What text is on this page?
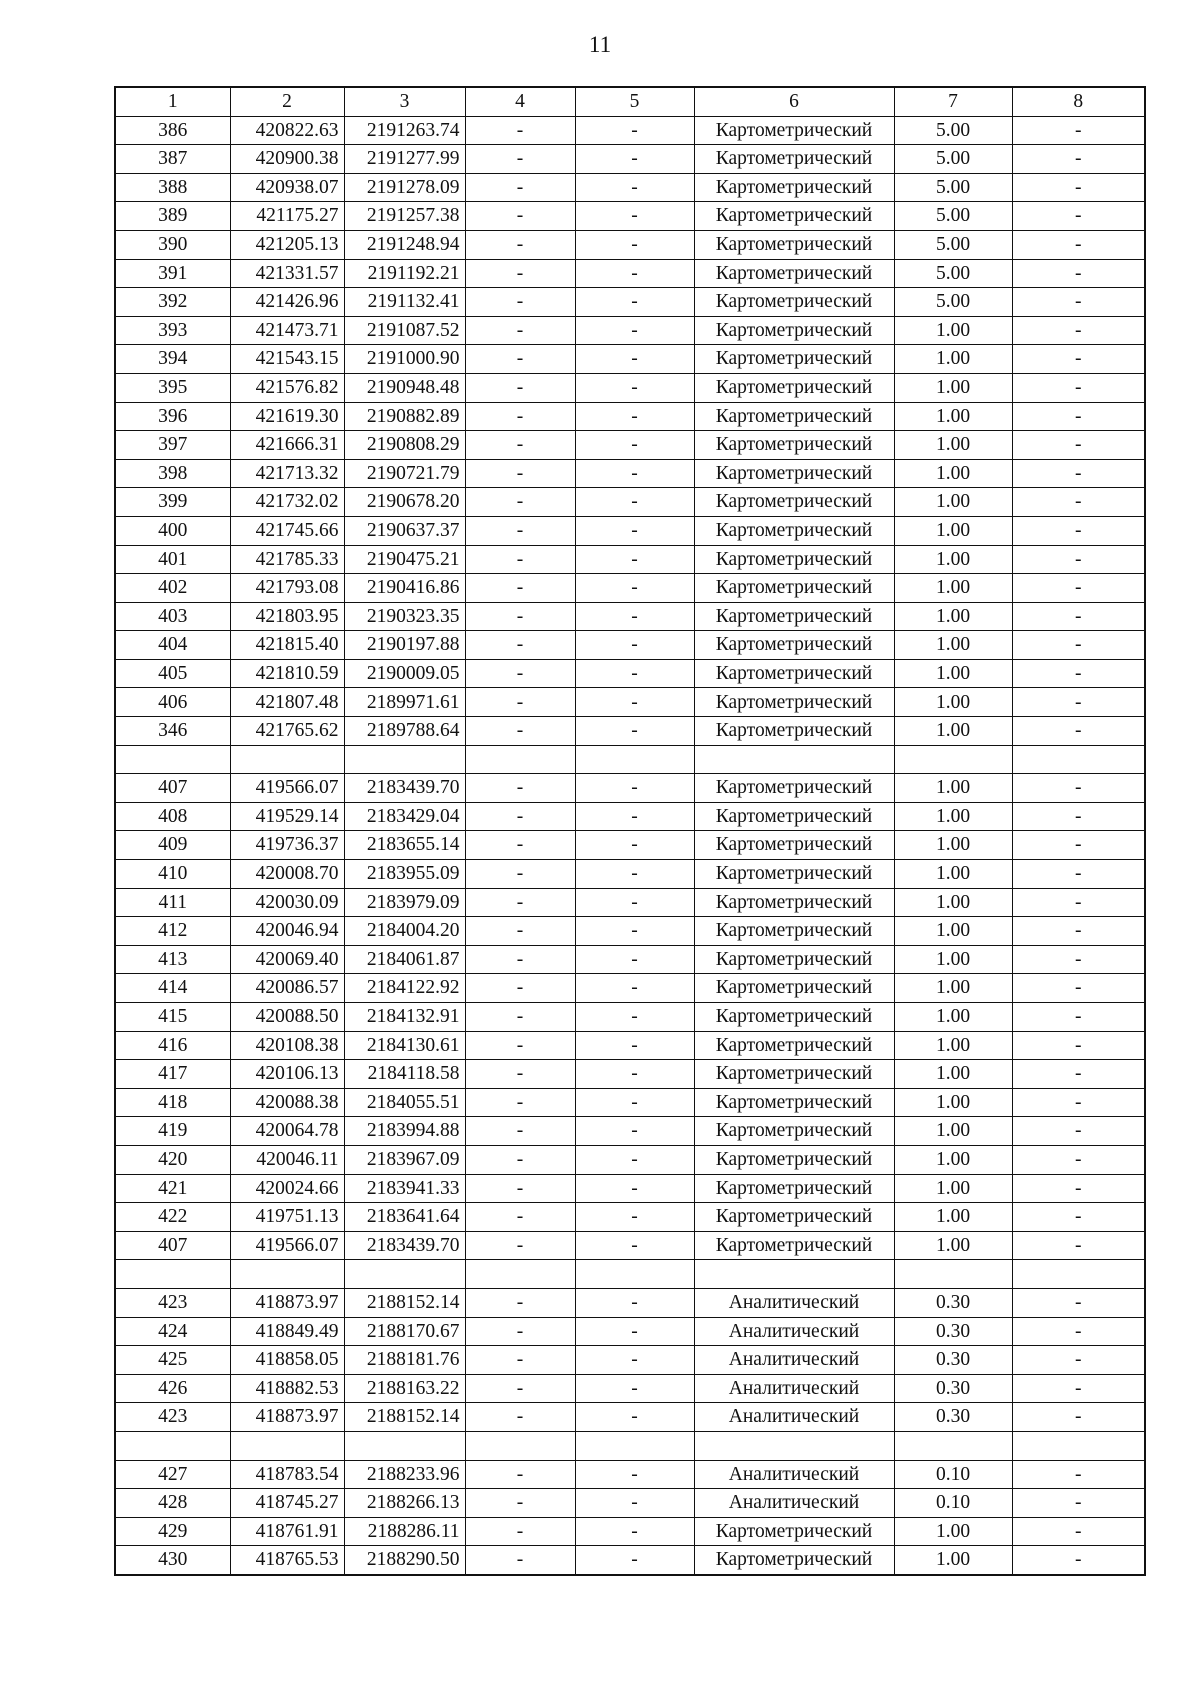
11
1	2	3	4	5	6	7	8
386	420822.63	2191263.74	-	-	Картометрический	5.00	-
387	420900.38	2191277.99	-	-	Картометрический	5.00	-
388	420938.07	2191278.09	-	-	Картометрический	5.00	-
389	421175.27	2191257.38	-	-	Картометрический	5.00	-
390	421205.13	2191248.94	-	-	Картометрический	5.00	-
391	421331.57	2191192.21	-	-	Картометрический	5.00	-
392	421426.96	2191132.41	-	-	Картометрический	5.00	-
393	421473.71	2191087.52	-	-	Картометрический	1.00	-
394	421543.15	2191000.90	-	-	Картометрический	1.00	-
395	421576.82	2190948.48	-	-	Картометрический	1.00	-
396	421619.30	2190882.89	-	-	Картометрический	1.00	-
397	421666.31	2190808.29	-	-	Картометрический	1.00	-
398	421713.32	2190721.79	-	-	Картометрический	1.00	-
399	421732.02	2190678.20	-	-	Картометрический	1.00	-
400	421745.66	2190637.37	-	-	Картометрический	1.00	-
401	421785.33	2190475.21	-	-	Картометрический	1.00	-
402	421793.08	2190416.86	-	-	Картометрический	1.00	-
403	421803.95	2190323.35	-	-	Картометрический	1.00	-
404	421815.40	2190197.88	-	-	Картометрический	1.00	-
405	421810.59	2190009.05	-	-	Картометрический	1.00	-
406	421807.48	2189971.61	-	-	Картометрический	1.00	-
346	421765.62	2189788.64	-	-	Картометрический	1.00	-

407	419566.07	2183439.70	-	-	Картометрический	1.00	-
408	419529.14	2183429.04	-	-	Картометрический	1.00	-
409	419736.37	2183655.14	-	-	Картометрический	1.00	-
410	420008.70	2183955.09	-	-	Картометрический	1.00	-
411	420030.09	2183979.09	-	-	Картометрический	1.00	-
412	420046.94	2184004.20	-	-	Картометрический	1.00	-
413	420069.40	2184061.87	-	-	Картометрический	1.00	-
414	420086.57	2184122.92	-	-	Картометрический	1.00	-
415	420088.50	2184132.91	-	-	Картометрический	1.00	-
416	420108.38	2184130.61	-	-	Картометрический	1.00	-
417	420106.13	2184118.58	-	-	Картометрический	1.00	-
418	420088.38	2184055.51	-	-	Картометрический	1.00	-
419	420064.78	2183994.88	-	-	Картометрический	1.00	-
420	420046.11	2183967.09	-	-	Картометрический	1.00	-
421	420024.66	2183941.33	-	-	Картометрический	1.00	-
422	419751.13	2183641.64	-	-	Картометрический	1.00	-
407	419566.07	2183439.70	-	-	Картометрический	1.00	-

423	418873.97	2188152.14	-	-	Аналитический	0.30	-
424	418849.49	2188170.67	-	-	Аналитический	0.30	-
425	418858.05	2188181.76	-	-	Аналитический	0.30	-
426	418882.53	2188163.22	-	-	Аналитический	0.30	-
423	418873.97	2188152.14	-	-	Аналитический	0.30	-

427	418783.54	2188233.96	-	-	Аналитический	0.10	-
428	418745.27	2188266.13	-	-	Аналитический	0.10	-
429	418761.91	2188286.11	-	-	Картометрический	1.00	-
430	418765.53	2188290.50	-	-	Картометрический	1.00	-
